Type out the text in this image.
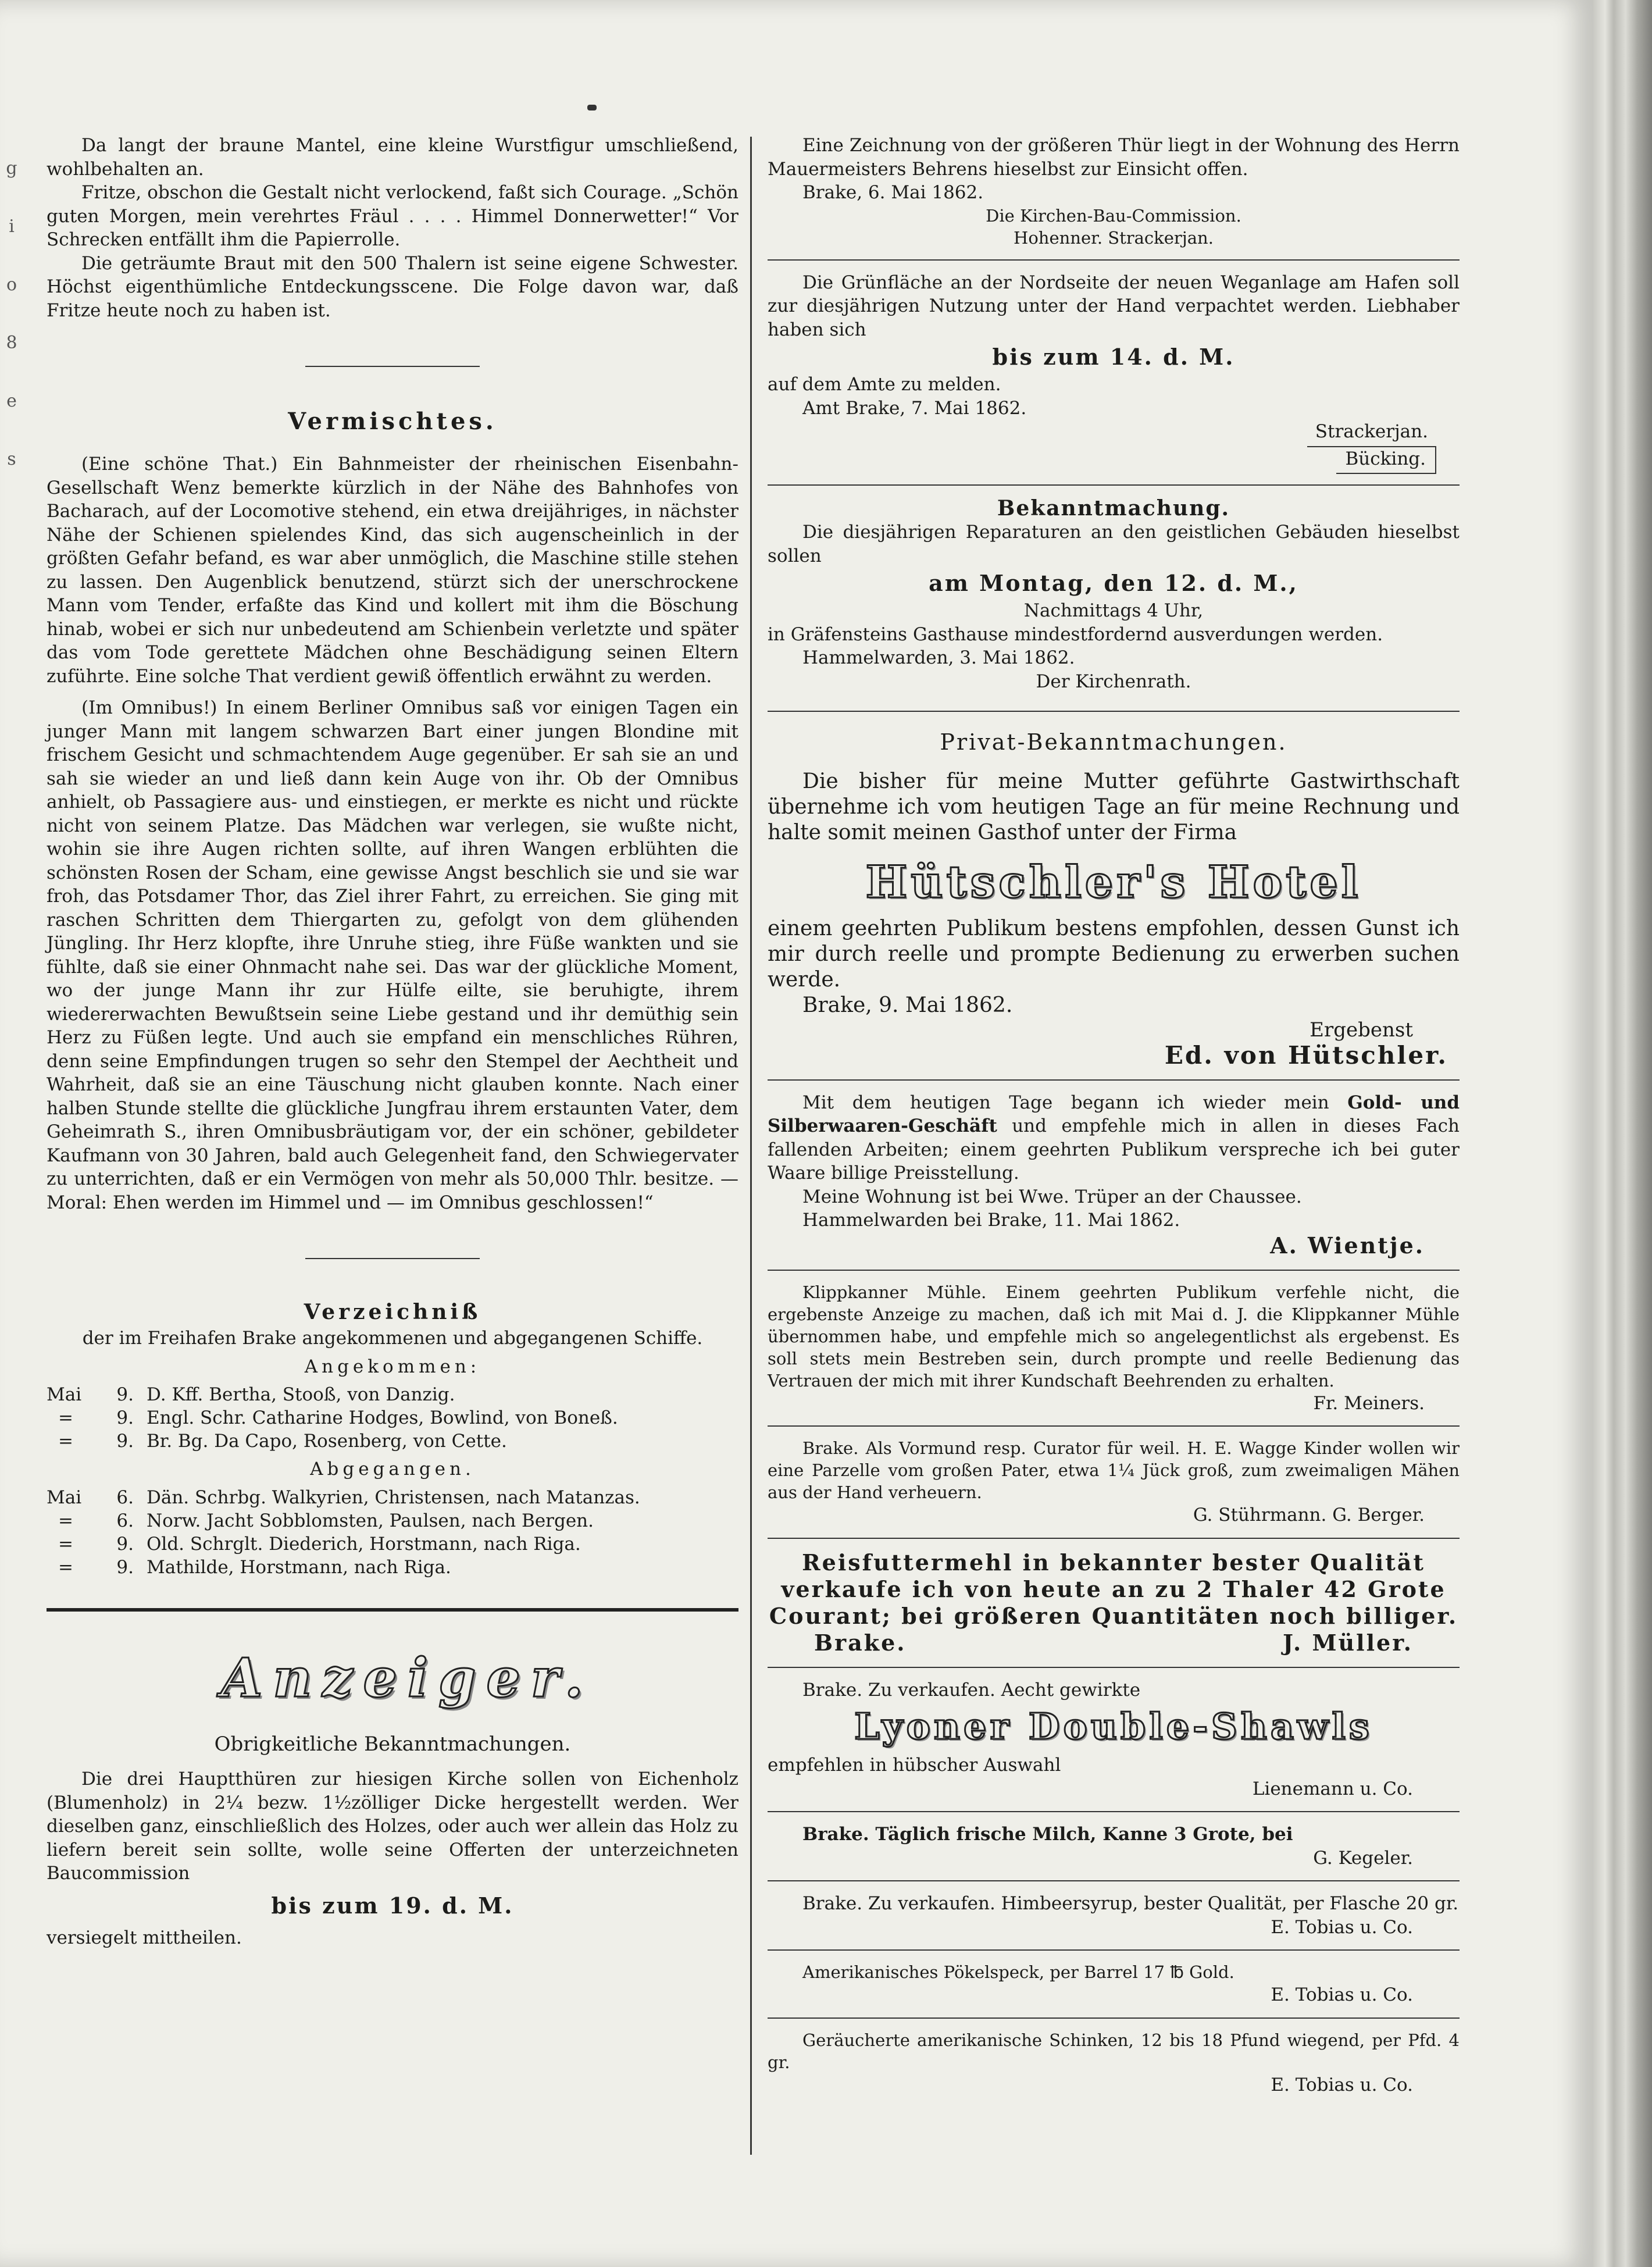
g
i
o
8
e
s

Da langt der braune Mantel, eine kleine Wurstfigur umschließend, wohlbehalten an.

Fritze, obschon die Gestalt nicht verlockend, faßt sich Courage. „Schön guten Morgen, mein verehrtes Fräul . . . . Himmel Donnerwetter!“ Vor Schrecken entfällt ihm die Papierrolle.

Die geträumte Braut mit den 500 Thalern ist seine eigene Schwester. Höchst eigenthümliche Entdeckungsscene. Die Folge davon war, daß Fritze heute noch zu haben ist.

Vermischtes.

(Eine schöne That.) Ein Bahnmeister der rheinischen Eisenbahn-Gesellschaft Wenz bemerkte kürzlich in der Nähe des Bahnhofes von Bacharach, auf der Locomotive stehend, ein etwa dreijähriges, in nächster Nähe der Schienen spielendes Kind, das sich augenscheinlich in der größten Gefahr befand, es war aber unmöglich, die Maschine stille stehen zu lassen. Den Augenblick benutzend, stürzt sich der unerschrockene Mann vom Tender, erfaßte das Kind und kollert mit ihm die Böschung hinab, wobei er sich nur unbedeutend am Schienbein verletzte und später das vom Tode gerettete Mädchen ohne Beschädigung seinen Eltern zuführte. Eine solche That verdient gewiß öffentlich erwähnt zu werden.

(Im Omnibus!) In einem Berliner Omnibus saß vor einigen Tagen ein junger Mann mit langem schwarzen Bart einer jungen Blondine mit frischem Gesicht und schmachtendem Auge gegenüber. Er sah sie an und sah sie wieder an und ließ dann kein Auge von ihr. Ob der Omnibus anhielt, ob Passagiere aus- und einstiegen, er merkte es nicht und rückte nicht von seinem Platze. Das Mädchen war verlegen, sie wußte nicht, wohin sie ihre Augen richten sollte, auf ihren Wangen erblühten die schönsten Rosen der Scham, eine gewisse Angst beschlich sie und sie war froh, das Potsdamer Thor, das Ziel ihrer Fahrt, zu erreichen. Sie ging mit raschen Schritten dem Thiergarten zu, gefolgt von dem glühenden Jüngling. Ihr Herz klopfte, ihre Unruhe stieg, ihre Füße wankten und sie fühlte, daß sie einer Ohnmacht nahe sei. Das war der glückliche Moment, wo der junge Mann ihr zur Hülfe eilte, sie beruhigte, ihrem wiedererwachten Bewußtsein seine Liebe gestand und ihr demüthig sein Herz zu Füßen legte. Und auch sie empfand ein menschliches Rühren, denn seine Empfindungen trugen so sehr den Stempel der Aechtheit und Wahrheit, daß sie an eine Täuschung nicht glauben konnte. Nach einer halben Stunde stellte die glückliche Jungfrau ihrem erstaunten Vater, dem Geheimrath S., ihren Omnibusbräutigam vor, der ein schöner, gebildeter Kaufmann von 30 Jahren, bald auch Gelegenheit fand, den Schwiegervater zu unterrichten, daß er ein Vermögen von mehr als 50,000 Thlr. besitze. — Moral: Ehen werden im Himmel und — im Omnibus geschlossen!“

Verzeichniß

der im Freihafen Brake angekommenen und abgegangenen Schiffe.

Angekommen:

Mai	9. D. Kff. Bertha, Stooß, von Danzig.
=	9. Engl. Schr. Catharine Hodges, Bowlind, von Boneß.
=	9. Br. Bg. Da Capo, Rosenberg, von Cette.

Abgegangen.

Mai	6. Dän. Schrbg. Walkyrien, Christensen, nach Matanzas.
=	6. Norw. Jacht Sobblomsten, Paulsen, nach Bergen.
=	9. Old. Schrglt. Diederich, Horstmann, nach Riga.
=	9. Mathilde, Horstmann, nach Riga.
Anzeiger.

Obrigkeitliche Bekanntmachungen.

Die drei Hauptthüren zur hiesigen Kirche sollen von Eichenholz (Blumenholz) in 2¼ bezw. 1½zölliger Dicke hergestellt werden. Wer dieselben ganz, einschließlich des Holzes, oder auch wer allein das Holz zu liefern bereit sein sollte, wolle seine Offerten der unterzeichneten Baucommission

bis zum 19. d. M.

versiegelt mittheilen.

Eine Zeichnung von der größeren Thür liegt in der Wohnung des Herrn Mauermeisters Behrens hieselbst zur Einsicht offen.

Brake, 6. Mai 1862.

Die Kirchen-Bau-Commission.

Hohenner. Strackerjan.

Die Grünfläche an der Nordseite der neuen Weganlage am Hafen soll zur diesjährigen Nutzung unter der Hand verpachtet werden. Liebhaber haben sich

bis zum 14. d. M.

auf dem Amte zu melden.

Amt Brake, 7. Mai 1862.

Strackerjan.

Bücking.

Bekanntmachung.

Die diesjährigen Reparaturen an den geistlichen Gebäuden hieselbst sollen

am Montag, den 12. d. M.,

Nachmittags 4 Uhr,

in Gräfensteins Gasthause mindestfordernd ausverdungen werden.

Hammelwarden, 3. Mai 1862.

Der Kirchenrath.

Privat-Bekanntmachungen.

Die bisher für meine Mutter geführte Gastwirthschaft übernehme ich vom heutigen Tage an für meine Rechnung und halte somit meinen Gasthof unter der Firma

Hütschler's Hotel

einem geehrten Publikum bestens empfohlen, dessen Gunst ich mir durch reelle und prompte Bedienung zu erwerben suchen werde.

Brake, 9. Mai 1862.

Ergebenst

Ed. von Hütschler.

Mit dem heutigen Tage begann ich wieder mein Gold- und Silberwaaren-Geschäft und empfehle mich in allen in dieses Fach fallenden Arbeiten; einem geehrten Publikum verspreche ich bei guter Waare billige Preisstellung.

Meine Wohnung ist bei Wwe. Trüper an der Chaussee.

Hammelwarden bei Brake, 11. Mai 1862.

A. Wientje.

Klippkanner Mühle. Einem geehrten Publikum verfehle nicht, die ergebenste Anzeige zu machen, daß ich mit Mai d. J. die Klippkanner Mühle übernommen habe, und empfehle mich so angelegentlichst als ergebenst. Es soll stets mein Bestreben sein, durch prompte und reelle Bedienung das Vertrauen der mich mit ihrer Kundschaft Beehrenden zu erhalten.

Fr. Meiners.

Brake. Als Vormund resp. Curator für weil. H. E. Wagge Kinder wollen wir eine Parzelle vom großen Pater, etwa 1¼ Jück groß, zum zweimaligen Mähen aus der Hand verheuern.

G. Stührmann. G. Berger.

Reisfuttermehl in bekannter bester Qualität

verkaufe ich von heute an zu 2 Thaler 42 Grote

Courant; bei größeren Quantitäten noch billiger.

Brake.	J. Müller.

Brake. Zu verkaufen. Aecht gewirkte

Lyoner Double-Shawls

empfehlen in hübscher Auswahl

Lienemann u. Co.

Brake. Täglich frische Milch, Kanne 3 Grote, bei

G. Kegeler.

Brake. Zu verkaufen. Himbeersyrup, bester Qualität, per Flasche 20 gr.

E. Tobias u. Co.

Amerikanisches Pökelspeck, per Barrel 17 ℔ Gold.

E. Tobias u. Co.

Geräucherte amerikanische Schinken, 12 bis 18 Pfund wiegend, per Pfd. 4 gr.

E. Tobias u. Co.
